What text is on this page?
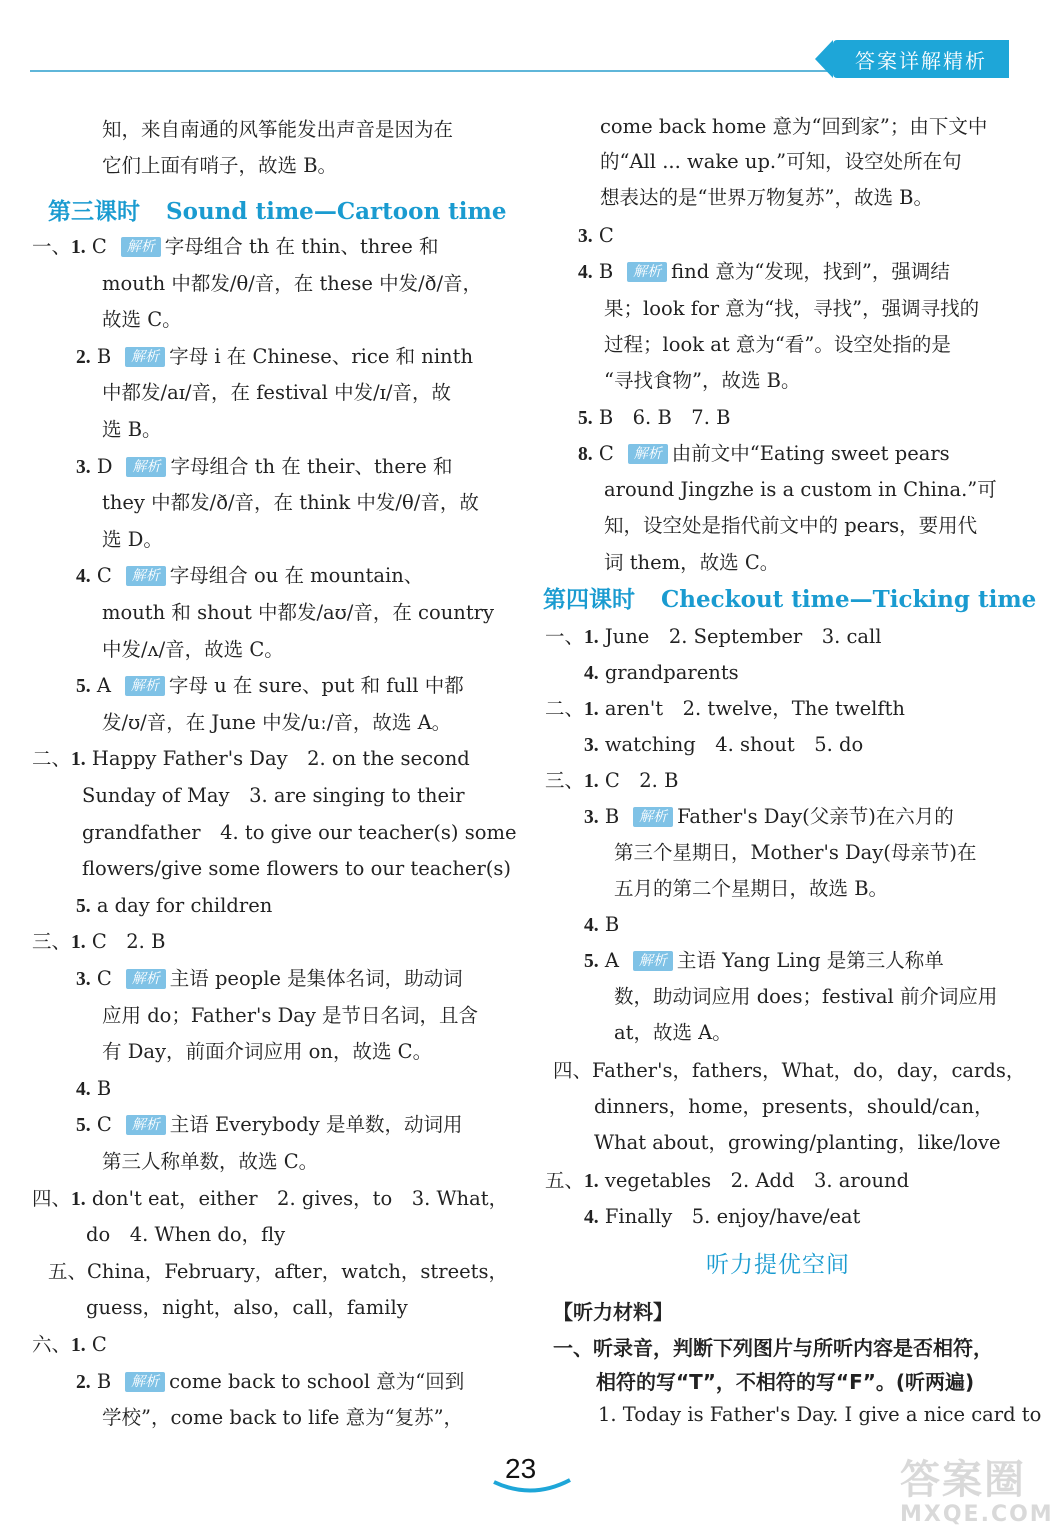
答案详解精析
知，来自南通的风筝能发出声音是因为在
它们上面有哨子，故选 B。
第三课时 Sound time—Cartoon time
一、1. C 解析 字母组合 th 在 thin、three 和
mouth 中都发/θ/音，在 these 中发/ð/音，
故选 C。
2. B 解析 字母 i 在 Chinese、rice 和 ninth
中都发/aɪ/音，在 festival 中发/ɪ/音，故
选 B。
3. D 解析 字母组合 th 在 their、there 和
they 中都发/ð/音，在 think 中发/θ/音，故
选 D。
4. C 解析 字母组合 ou 在 mountain、
mouth 和 shout 中都发/aʊ/音，在 country
中发/ʌ/音，故选 C。
5. A 解析 字母 u 在 sure、put 和 full 中都
发/ʊ/音，在 June 中发/uː/音，故选 A。
二、1. Happy Father's Day　2. on the second
Sunday of May　3. are singing to their
grandfather　4. to give our teacher(s) some
flowers/give some flowers to our teacher(s)
5. a day for children
三、1. C　2. B
3. C 解析 主语 people 是集体名词，助动词
应用 do；Father's Day 是节日名词，且含
有 Day，前面介词应用 on，故选 C。
4. B
5. C 解析 主语 Everybody 是单数，动词用
第三人称单数，故选 C。
四、1. don't eat，either　2. gives，to　3. What，
do　4. When do，fly
五、China，February，after，watch，streets，
guess，night，also，call，family
六、1. C
2. B 解析 come back to school 意为“回到
学校”，come back to life 意为“复苏”，
come back home 意为“回到家”；由下文中
的“All ... wake up.”可知，设空处所在句
想表达的是“世界万物复苏”，故选 B。
3. C
4. B 解析 find 意为“发现，找到”，强调结
果；look for 意为“找，寻找”，强调寻找的
过程；look at 意为“看”。设空处指的是
“寻找食物”，故选 B。
5. B　6. B　7. B
8. C 解析 由前文中“Eating sweet pears
around Jingzhe is a custom in China.”可
知，设空处是指代前文中的 pears，要用代
词 them，故选 C。
第四课时 Checkout time—Ticking time
一、1. June　2. September　3. call
4. grandparents
二、1. aren't　2. twelve，The twelfth
3. watching　4. shout　5. do
三、1. C　2. B
3. B 解析 Father's Day(父亲节)在六月的
第三个星期日，Mother's Day(母亲节)在
五月的第二个星期日，故选 B。
4. B
5. A 解析 主语 Yang Ling 是第三人称单
数，助动词应用 does；festival 前介词应用
at，故选 A。
四、Father's，fathers，What，do，day，cards，
dinners，home，presents，should/can，
What about，growing/planting，like/love
五、1. vegetables　2. Add　3. around
4. Finally　5. enjoy/have/eat
听力提优空间
【听力材料】
一、听录音，判断下列图片与所听内容是否相符，
相符的写“T”，不相符的写“F”。(听两遍)
1. Today is Father's Day. I give a nice card to
23	答案圈
MXQE.COM
